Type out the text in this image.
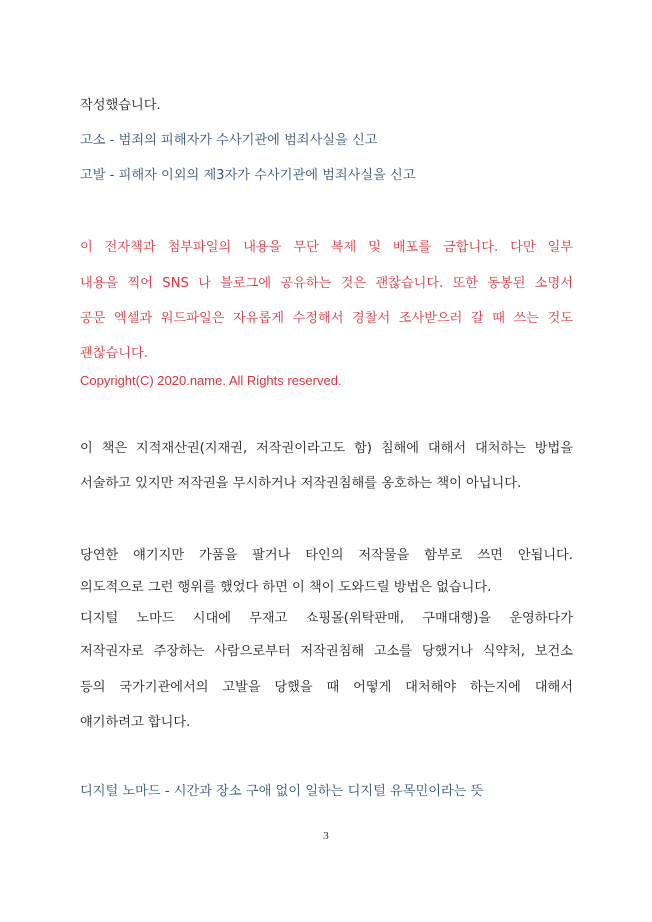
작성했습니다.
고소 - 범죄의 피해자가 수사기관에 범죄사실을 신고
고발 - 피해자 이외의 제3자가 수사기관에 범죄사실을 신고
이 전자책과 첨부파일의 내용을 무단 복제 및 배포를 금합니다. 다만 일부
내용을 찍어 SNS 나 블로그에 공유하는 것은 괜찮습니다. 또한 동봉된 소명서
공문 엑셀과 워드파일은 자유롭게 수정해서 경찰서 조사받으러 갈 때 쓰는 것도
괜찮습니다.
Copyright(C) 2020.name. All Rights reserved.
이 책은 지적재산권(지재권, 저작권이라고도 함) 침해에 대해서 대처하는 방법을
서술하고 있지만 저작권을 무시하거나 저작권침해를 옹호하는 책이 아닙니다.
당연한 얘기지만 가품을 팔거나 타인의 저작물을 함부로 쓰면 안됩니다.
의도적으로 그런 행위를 했었다 하면 이 책이 도와드릴 방법은 없습니다.
디지털 노마드 시대에 무재고 쇼핑몰(위탁판매, 구매대행)을 운영하다가
저작권자로 주장하는 사람으로부터 저작권침해 고소를 당했거나 식약처, 보건소
등의 국가기관에서의 고발을 당했을 때 어떻게 대처해야 하는지에 대해서
얘기하려고 합니다.
디지털 노마드 - 시간과 장소 구애 없이 일하는 디지털 유목민이라는 뜻
3
